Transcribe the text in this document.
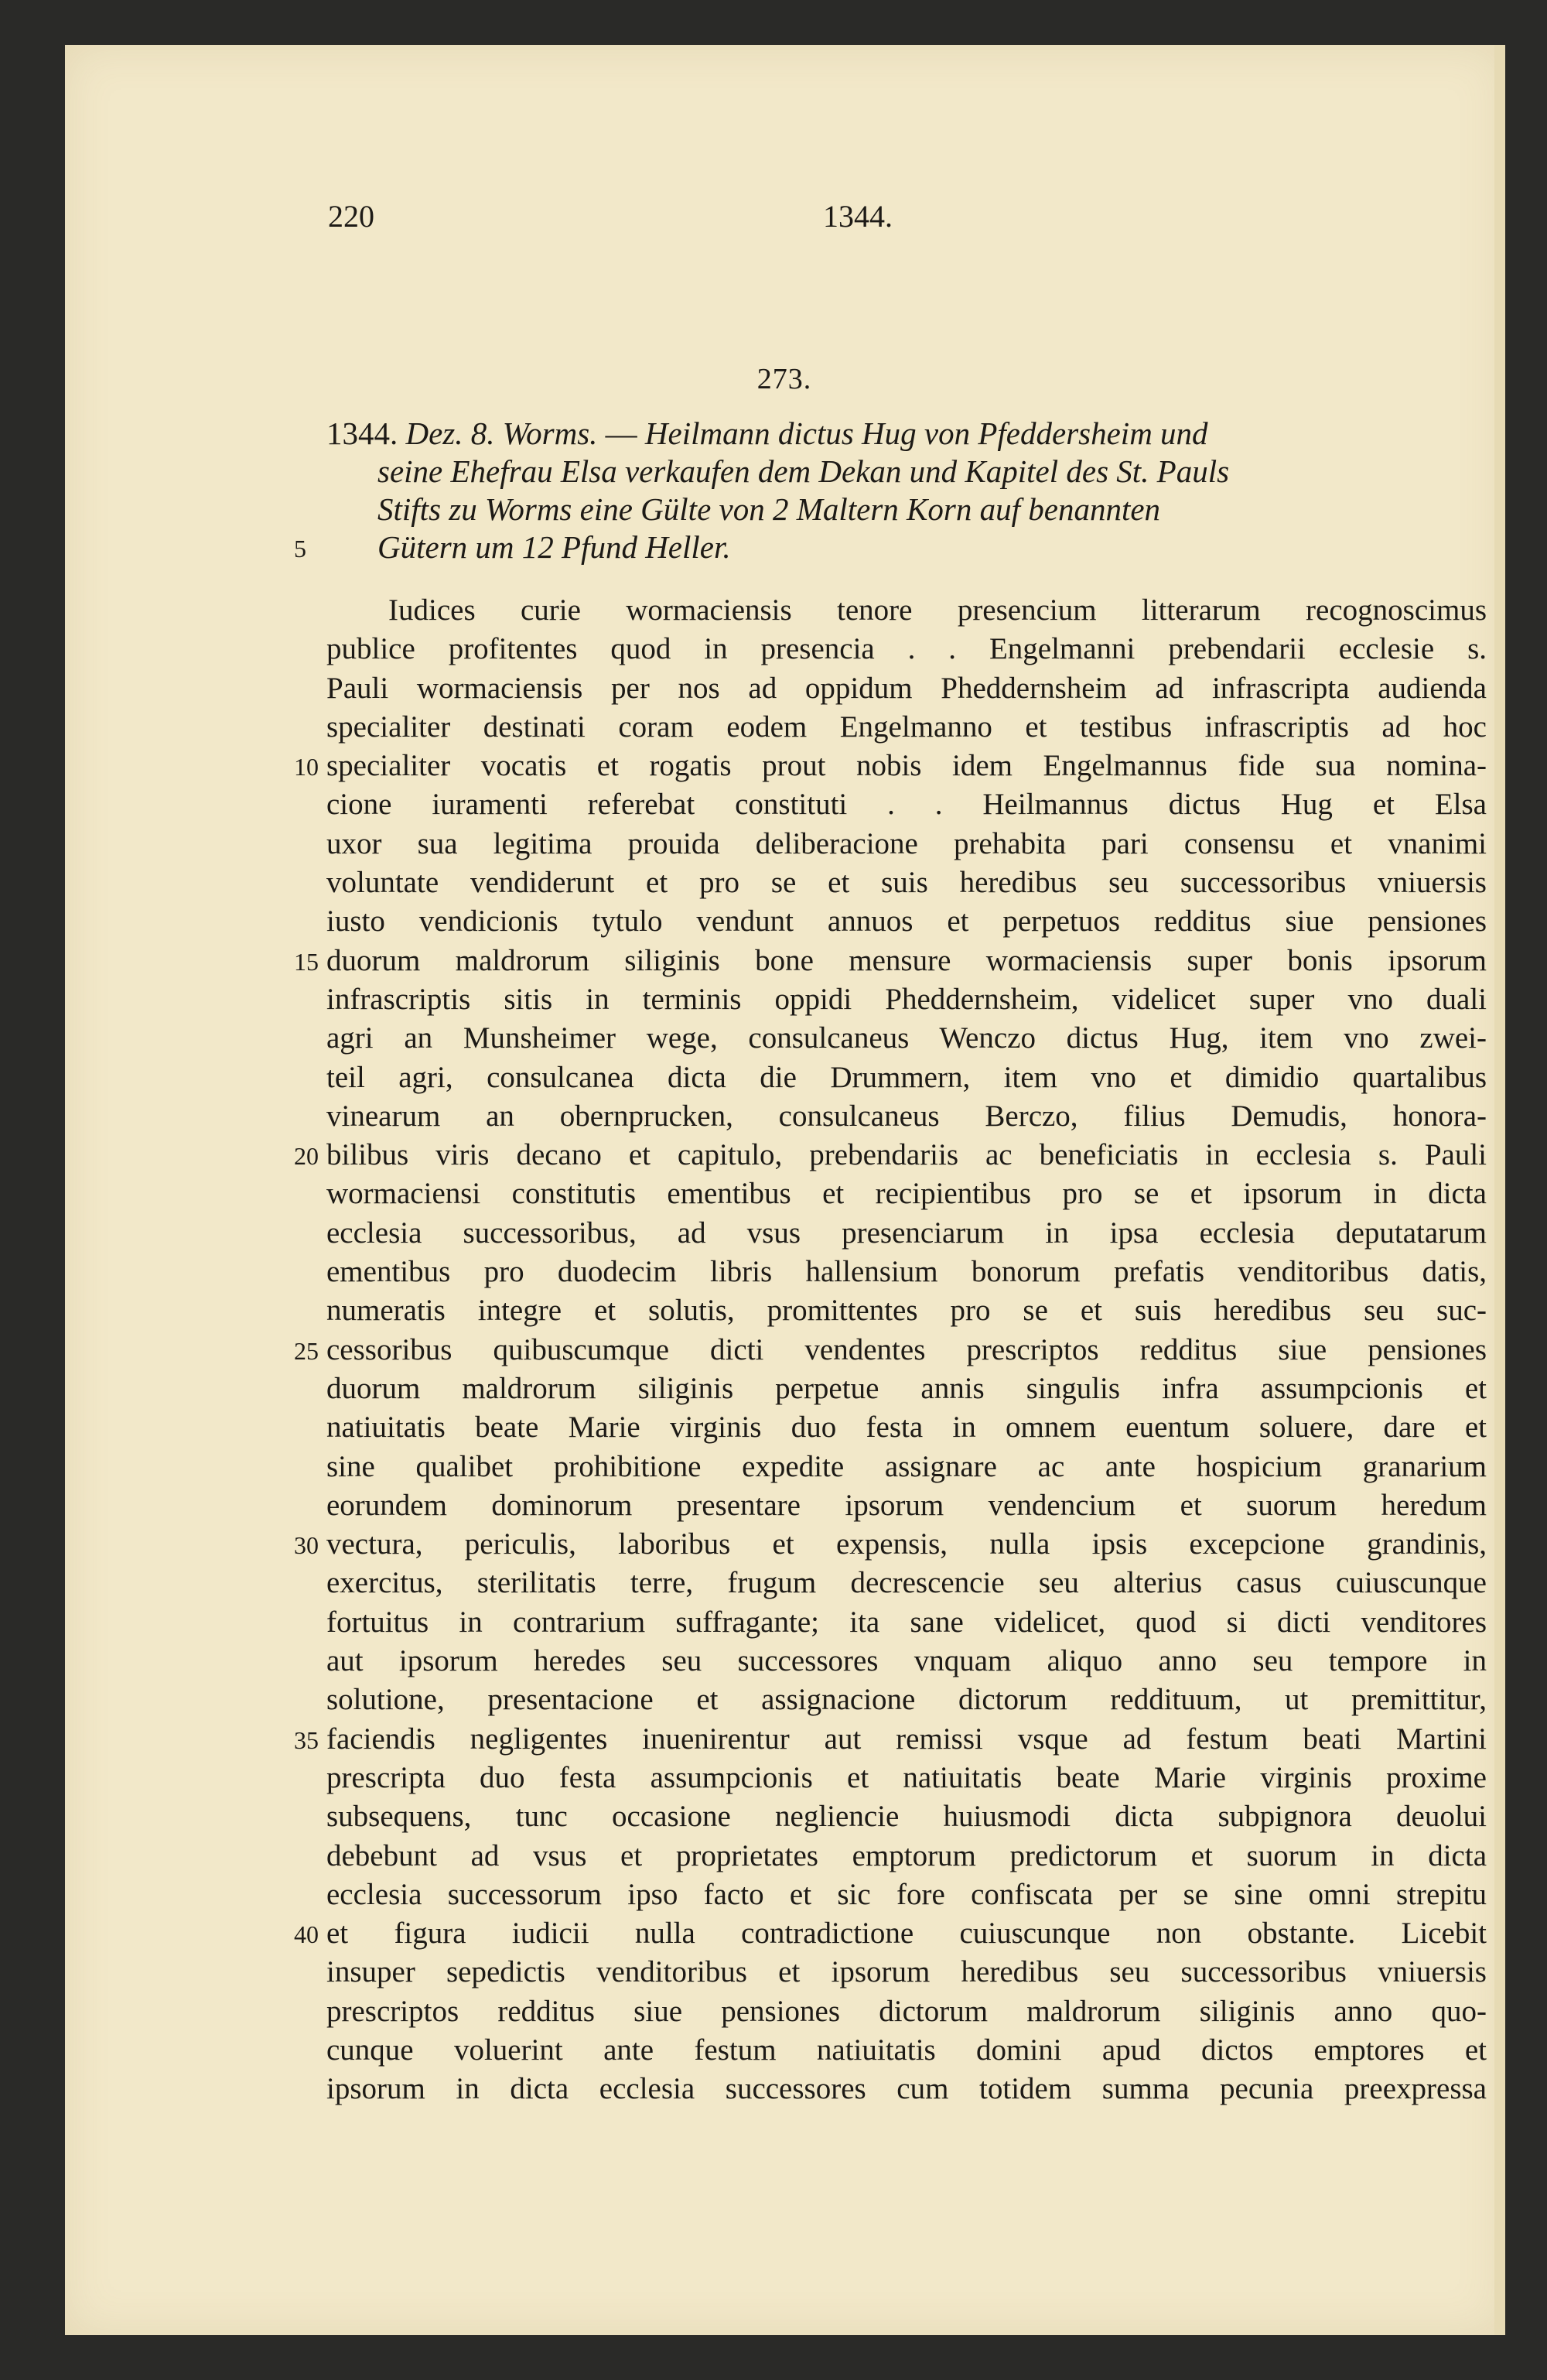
220	1344.
273.
1344. Dez. 8. Worms. — Heilmann dictus Hug von Pfeddersheim und
seine Ehefrau Elsa verkaufen dem Dekan und Kapitel des St. Pauls
Stifts zu Worms eine Gülte von 2 Maltern Korn auf benannten
Gütern um 12 Pfund Heller.
Iudices curie wormaciensis tenore presencium litterarum recognoscimus
publice profitentes quod in presencia . . Engelmanni prebendarii ecclesie s.
Pauli wormaciensis per nos ad oppidum Pheddernsheim ad infrascripta audienda
specialiter destinati coram eodem Engelmanno et testibus infrascriptis ad hoc
specialiter vocatis et rogatis prout nobis idem Engelmannus fide sua nomina-
cione iuramenti referebat constituti . . Heilmannus dictus Hug et Elsa
uxor sua legitima prouida deliberacione prehabita pari consensu et vnanimi
voluntate vendiderunt et pro se et suis heredibus seu successoribus vniuersis
iusto vendicionis tytulo vendunt annuos et perpetuos redditus siue pensiones
duorum maldrorum siliginis bone mensure wormaciensis super bonis ipsorum
infrascriptis sitis in terminis oppidi Pheddernsheim, videlicet super vno duali
agri an Munsheimer wege, consulcaneus Wenczo dictus Hug, item vno zwei-
teil agri, consulcanea dicta die Drummern, item vno et dimidio quartalibus
vinearum an obernprucken, consulcaneus Berczo, filius Demudis, honora-
bilibus viris decano et capitulo, prebendariis ac beneficiatis in ecclesia s. Pauli
wormaciensi constitutis ementibus et recipientibus pro se et ipsorum in dicta
ecclesia successoribus, ad vsus presenciarum in ipsa ecclesia deputatarum
ementibus pro duodecim libris hallensium bonorum prefatis venditoribus datis,
numeratis integre et solutis, promittentes pro se et suis heredibus seu suc-
cessoribus quibuscumque dicti vendentes prescriptos redditus siue pensiones
duorum maldrorum siliginis perpetue annis singulis infra assumpcionis et
natiuitatis beate Marie virginis duo festa in omnem euentum soluere, dare et
sine qualibet prohibitione expedite assignare ac ante hospicium granarium
eorundem dominorum presentare ipsorum vendencium et suorum heredum
vectura, periculis, laboribus et expensis, nulla ipsis excepcione grandinis,
exercitus, sterilitatis terre, frugum decrescencie seu alterius casus cuiuscunque
fortuitus in contrarium suffragante; ita sane videlicet, quod si dicti venditores
aut ipsorum heredes seu successores vnquam aliquo anno seu tempore in
solutione, presentacione et assignacione dictorum reddituum, ut premittitur,
faciendis negligentes inuenirentur aut remissi vsque ad festum beati Martini
prescripta duo festa assumpcionis et natiuitatis beate Marie virginis proxime
subsequens, tunc occasione negliencie huiusmodi dicta subpignora deuolui
debebunt ad vsus et proprietates emptorum predictorum et suorum in dicta
ecclesia successorum ipso facto et sic fore confiscata per se sine omni strepitu
et figura iudicii nulla contradictione cuiuscunque non obstante. Licebit
insuper sepedictis venditoribus et ipsorum heredibus seu successoribus vniuersis
prescriptos redditus siue pensiones dictorum maldrorum siliginis anno quo-
cunque voluerint ante festum natiuitatis domini apud dictos emptores et
ipsorum in dicta ecclesia successores cum totidem summa pecunia preexpressa
5
10
15
20
25
30
35
40
